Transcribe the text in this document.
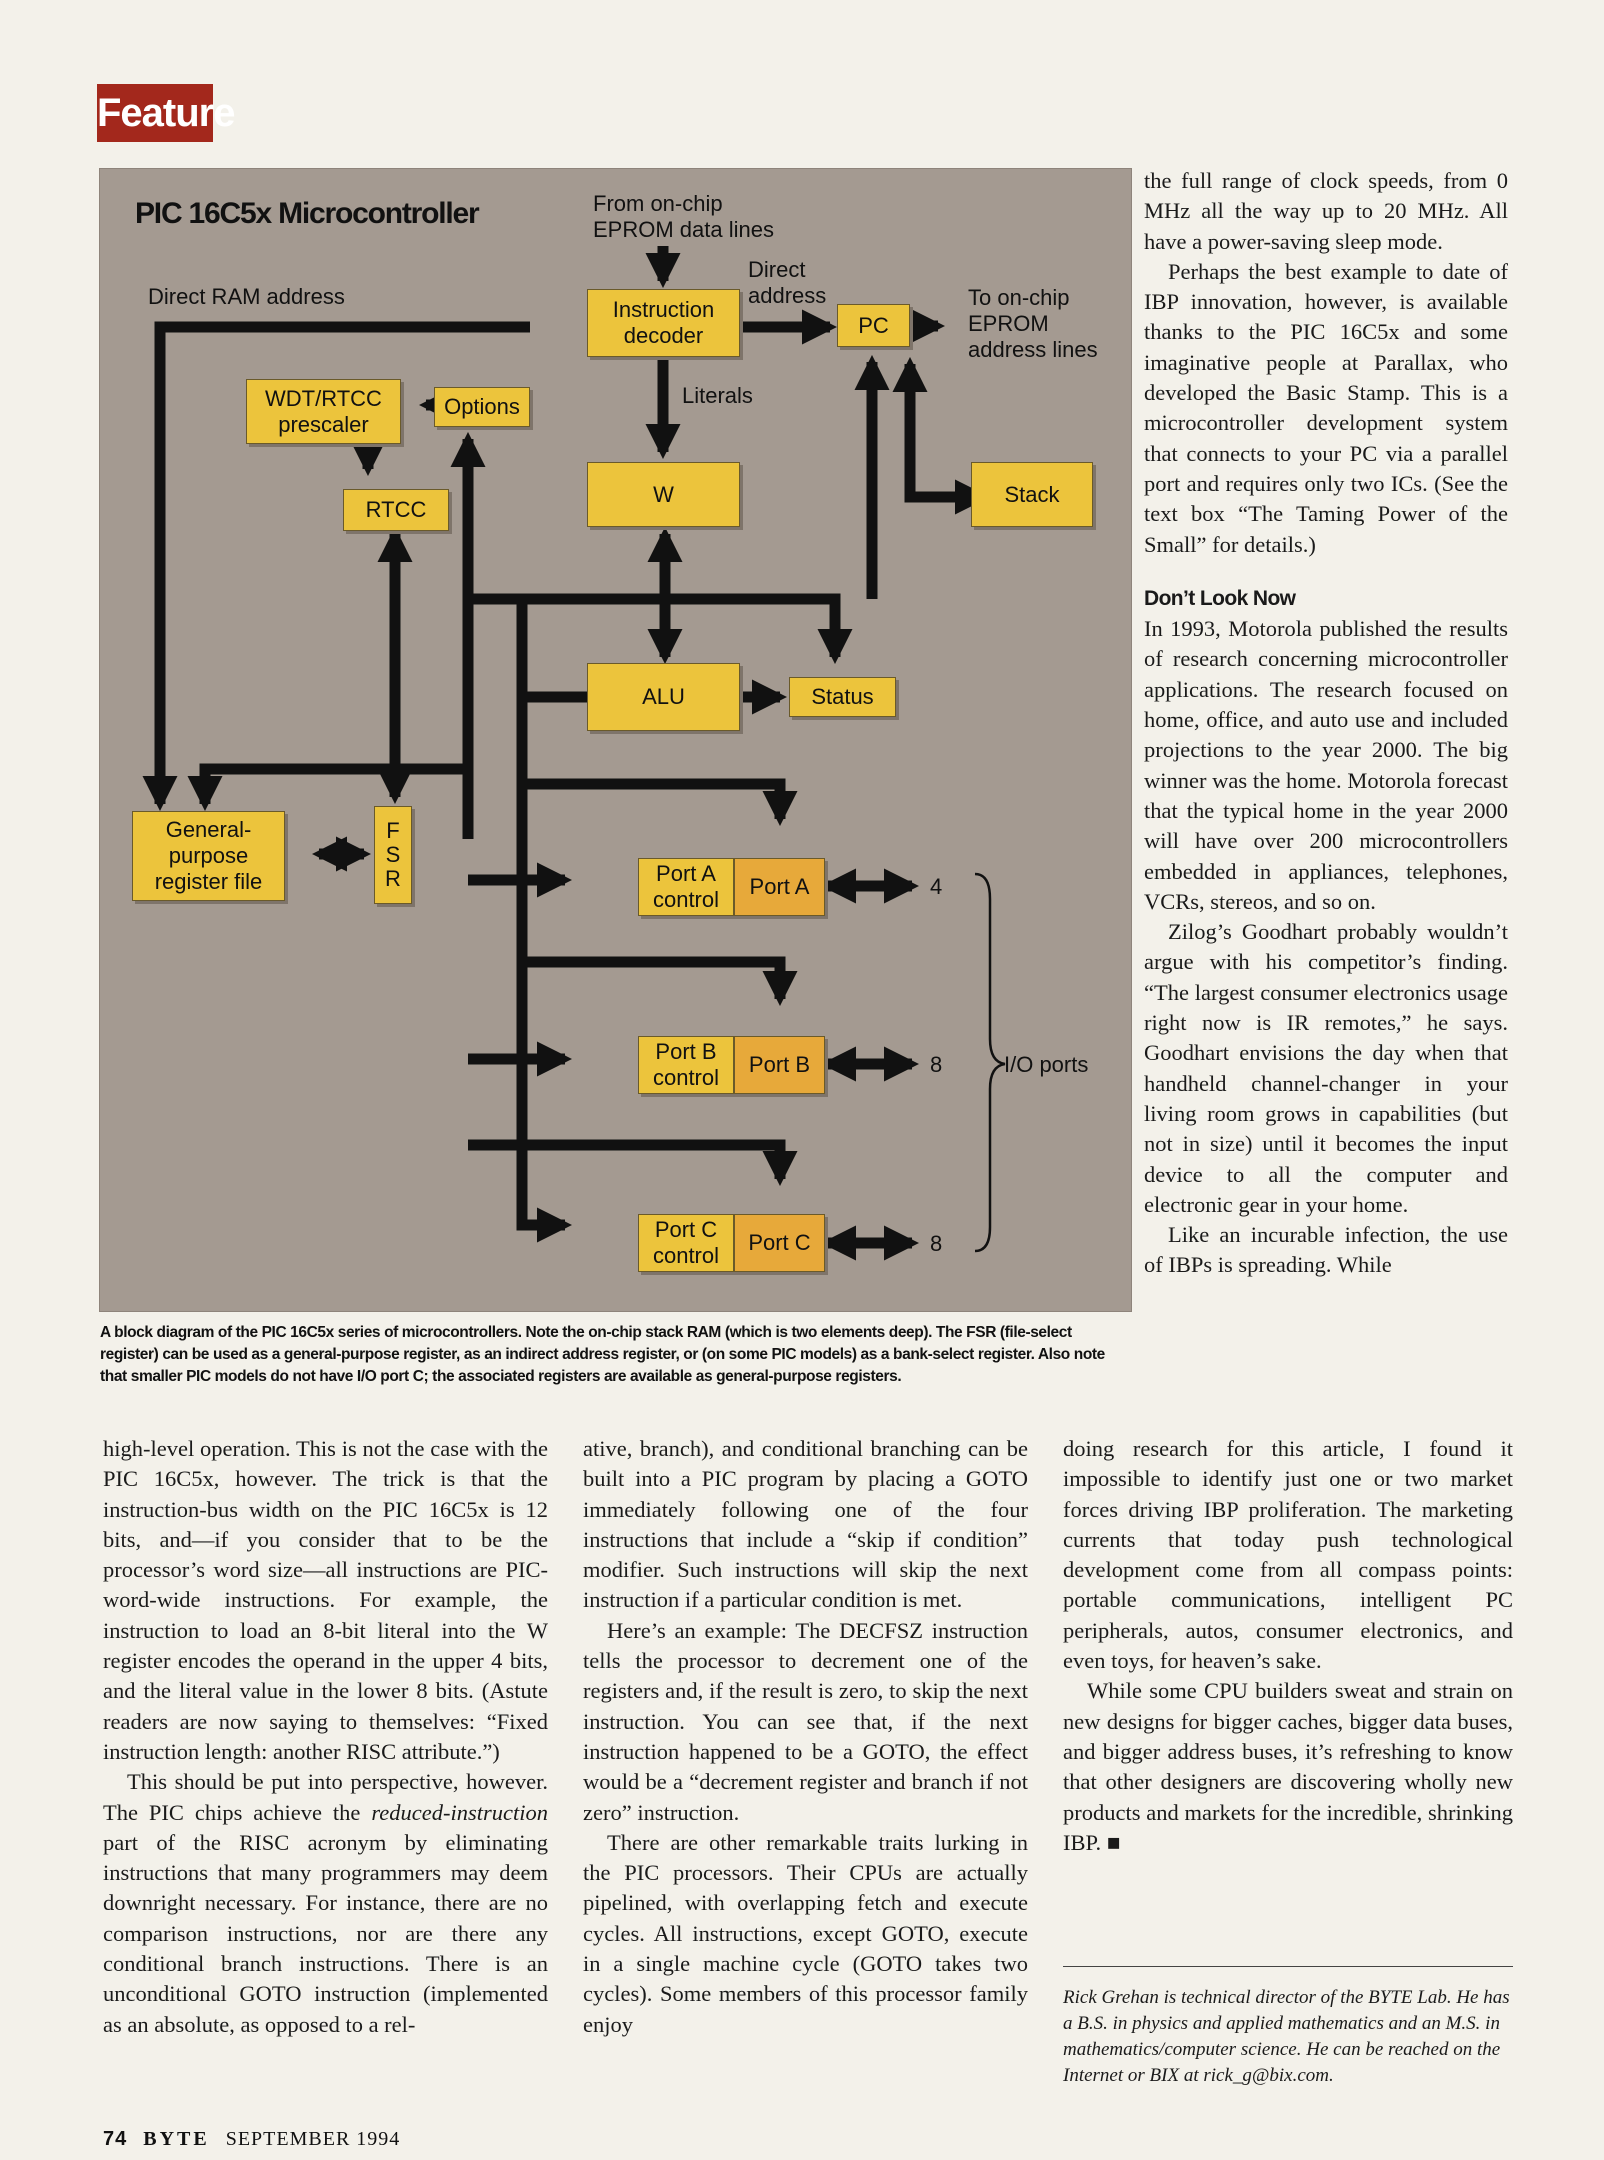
Feature
PIC 16C5x Microcontroller	From on-chip
EPROM data lines
Direct
address
Direct RAM address	To on-chip
EPROM
address lines
Literals
4
8
8
I/O ports
Instruction
decoder	PC
WDT/RTCC
prescaler
Options
RTCC
W	Stack
ALU	Status
General-
purpose
register file
F
S
R	Port A
control
Port A
Port B
control
Port B
Port C
control
Port C
A block diagram of the PIC 16C5x series of microcontrollers. Note the on-chip stack RAM (which is two elements deep). The FSR (file-select register) can be used as a general-purpose register, as an indirect address register, or (on some PIC models) as a bank-select register. Also note that smaller PIC models do not have I/O port C; the associated registers are available as general-purpose registers.

the full range of clock speeds, from 0 MHz all the way up to 20 MHz. All have a power-saving sleep mode.

Perhaps the best example to date of IBP innovation, however, is available thanks to the PIC 16C5x and some imaginative people at Parallax, who developed the Basic Stamp. This is a microcontroller development system that connects to your PC via a parallel port and requires only two ICs. (See the text box “The Taming Power of the Small” for details.)

Don’t Look Now

In 1993, Motorola published the results of research concerning microcontroller applications. The research focused on home, office, and auto use and included projections to the year 2000. The big winner was the home. Motorola forecast that the typical home in the year 2000 will have over 200 microcontrollers embedded in appliances, telephones, VCRs, stereos, and so on.

Zilog’s Goodhart probably wouldn’t argue with his competitor’s finding. “The largest consumer electronics usage right now is IR remotes,” he says. Goodhart envisions the day when that handheld channel-changer in your living room grows in capabilities (but not in size) until it becomes the input device to all the computer and electronic gear in your home.

Like an incurable infection, the use of IBPs is spreading. While

high-level operation. This is not the case with the PIC 16C5x, however. The trick is that the instruction-bus width on the PIC 16C5x is 12 bits, and—if you consider that to be the processor’s word size—all instructions are PIC-word-wide instructions. For example, the instruction to load an 8-bit literal into the W register encodes the operand in the upper 4 bits, and the literal value in the lower 8 bits. (Astute readers are now saying to themselves: “Fixed instruction length: another RISC attribute.”)

This should be put into perspective, however. The PIC chips achieve the reduced-instruction part of the RISC acronym by eliminating instructions that many programmers may deem downright necessary. For instance, there are no comparison instructions, nor are there any conditional branch instructions. There is an unconditional GOTO instruction (implemented as an absolute, as opposed to a rel-

ative, branch), and conditional branching can be built into a PIC program by placing a GOTO immediately following one of the four instructions that include a “skip if condition” modifier. Such instructions will skip the next instruction if a particular condition is met.

Here’s an example: The DECFSZ instruction tells the processor to decrement one of the registers and, if the result is zero, to skip the next instruction. You can see that, if the next instruction happened to be a GOTO, the effect would be a “decrement register and branch if not zero” instruction.

There are other remarkable traits lurking in the PIC processors. Their CPUs are actually pipelined, with overlapping fetch and execute cycles. All instructions, except GOTO, execute in a single machine cycle (GOTO takes two cycles). Some members of this processor family enjoy

doing research for this article, I found it impossible to identify just one or two market forces driving IBP proliferation. The marketing currents that today push technological development come from all compass points: portable communications, intelligent PC peripherals, autos, consumer electronics, and even toys, for heaven’s sake.

While some CPU builders sweat and strain on new designs for bigger caches, bigger data buses, and bigger address buses, it’s refreshing to know that other designers are discovering wholly new products and markets for the incredible, shrinking IBP. ■

Rick Grehan is technical director of the BYTE Lab. He has a B.S. in physics and applied mathematics and an M.S. in mathematics/computer science. He can be reached on the Internet or BIX at rick_g@bix.com.
74 BYTE SEPTEMBER 1994
